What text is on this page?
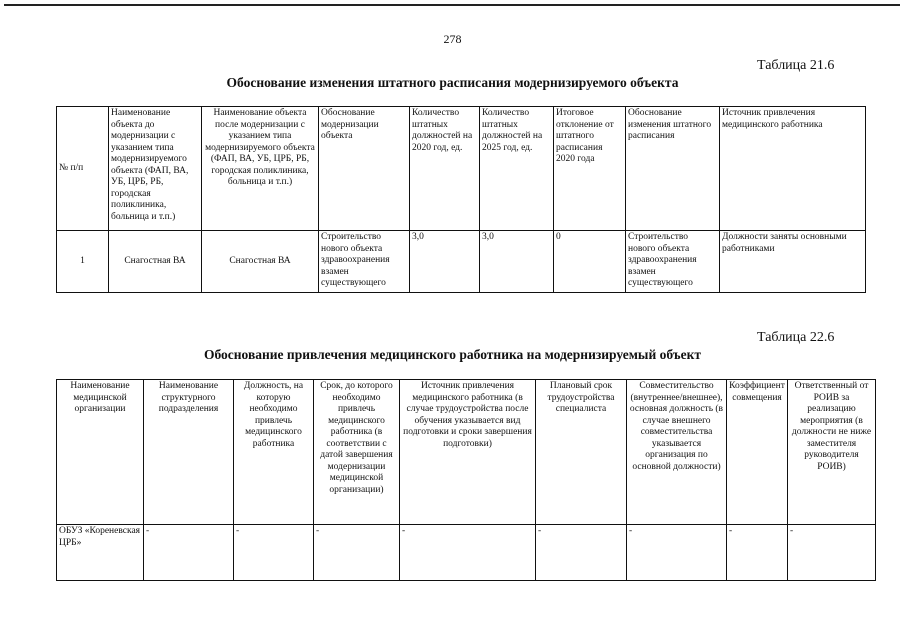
278
Таблица 21.6
Обоснование изменения штатного расписания модернизируемого объекта
№ п/п	Наименование объекта до модернизации с указанием типа модернизируемого объекта (ФАП, ВА, УБ, ЦРБ, РБ, городская поликлиника, больница и т.п.)	Наименование объекта после модернизации с указанием типа модернизируемого объекта (ФАП, ВА, УБ, ЦРБ, РБ, городская поликлиника, больница и т.п.)	Обоснование модернизации объекта	Количество штатных должностей на 2020 год, ед.	Количество штатных должностей на 2025 год, ед.	Итоговое отклонение от штатного расписания 2020 года	Обоснование изменения штатного расписания	Источник привлечения медицинского работника
1	Снагостная ВА	Снагостная ВА	Строительство нового объекта здравоохранения взамен существующего	3,0	3,0	0	Строительство нового объекта здравоохранения взамен существующего	Должности заняты основными работниками
Таблица 22.6
Обоснование привлечения медицинского работника на модернизируемый объект
Наименование медицинской организации	Наименование структурного подразделения	Должность, на которую необходимо привлечь медицинского работника	Срок, до которого необходимо привлечь медицинского работника (в соответствии с датой завершения модернизации медицинской организации)	Источник привлечения медицинского работника (в случае трудоустройства после обучения указывается вид подготовки и сроки завершения подготовки)	Плановый срок трудоустройства специалиста	Совместительство (внутреннее/внешнее), основная должность (в случае внешнего совместительства указывается организация по основной должности)	Коэффициент совмещения	Ответственный от РОИВ за реализацию мероприятия (в должности не ниже заместителя руководителя РОИВ)
ОБУЗ «Кореневская ЦРБ»	-	-	-	-	-	-	-	-
